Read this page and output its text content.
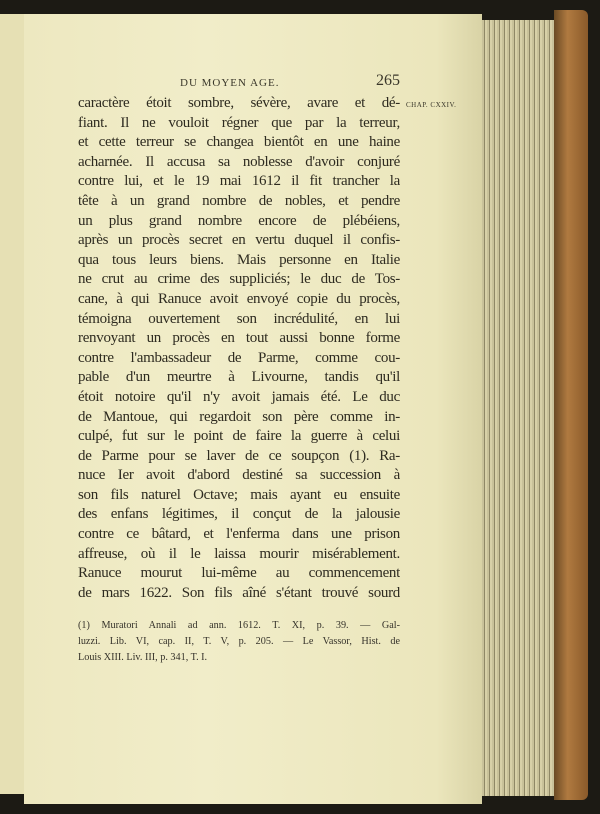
DU MOYEN AGE.	265
CHAP. CXXIV.
caractère étoit sombre, sévère, avare et dé-
fiant. Il ne vouloit régner que par la terreur,
et cette terreur se changea bientôt en une haine
acharnée. Il accusa sa noblesse d'avoir conjuré
contre lui, et le 19 mai 1612 il fit trancher la
tête à un grand nombre de nobles, et pendre
un plus grand nombre encore de plébéiens,
après un procès secret en vertu duquel il confis-
qua tous leurs biens. Mais personne en Italie
ne crut au crime des suppliciés; le duc de Tos-
cane, à qui Ranuce avoit envoyé copie du procès,
témoigna ouvertement son incrédulité, en lui
renvoyant un procès en tout aussi bonne forme
contre l'ambassadeur de Parme, comme cou-
pable d'un meurtre à Livourne, tandis qu'il
étoit notoire qu'il n'y avoit jamais été. Le duc
de Mantoue, qui regardoit son père comme in-
culpé, fut sur le point de faire la guerre à celui
de Parme pour se laver de ce soupçon (1). Ra-
nuce Ier avoit d'abord destiné sa succession à
son fils naturel Octave; mais ayant eu ensuite
des enfans légitimes, il conçut de la jalousie
contre ce bâtard, et l'enferma dans une prison
affreuse, où il le laissa mourir misérablement.
Ranuce mourut lui-même au commencement
de mars 1622. Son fils aîné s'étant trouvé sourd
(1) Muratori Annali ad ann. 1612. T. XI, p. 39. — Gal-
luzzi. Lib. VI, cap. II, T. V, p. 205. — Le Vassor, Hist. de
Louis XIII. Liv. III, p. 341, T. I.
